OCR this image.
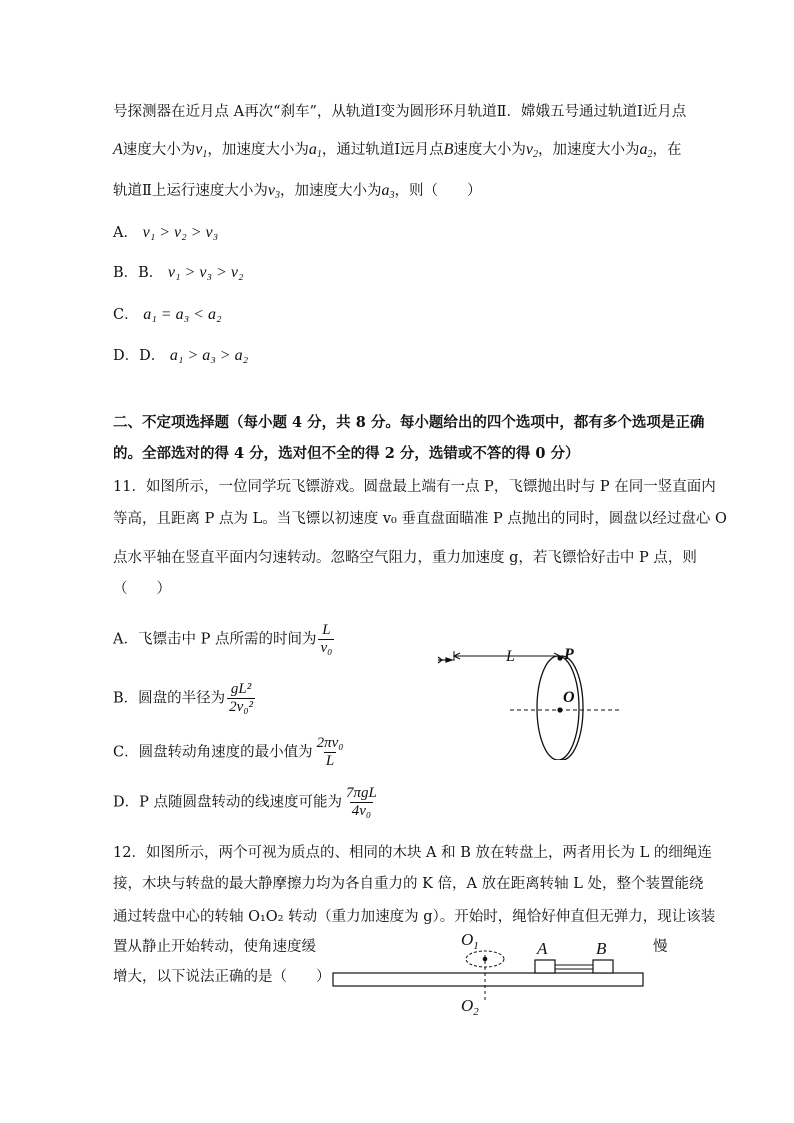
号探测器在近月点 A再次“刹车”，从轨道Ⅰ变为圆形环月轨道Ⅱ．嫦娥五号通过轨道Ⅰ近月点
A速度大小为$v_1$，加速度大小为$a_1$，通过轨道Ⅰ远月点B速度大小为$v_2$，加速度大小为$a_2$，在
轨道Ⅱ上运行速度大小为$v_3$，加速度大小为$a_3$，则（　　）
A． v₁ > v₂ > v₃
B．B． v₁ > v₃ > v₂
C． a₁ = a₃ < a₂
D．D． a₁ > a₃ > a₂
二、不定项选择题（每小题 4 分，共 8 分。每小题给出的四个选项中，都有多个选项是正确
的。全部选对的得 4 分，选对但不全的得 2 分，选错或不答的得 0 分）
11．如图所示，一位同学玩飞镖游戏。圆盘最上端有一点 P，飞镖抛出时与 P 在同一竖直面内
等高，且距离 P 点为 L。当飞镖以初速度 v₀ 垂直盘面瞄准 P 点抛出的同时，圆盘以经过盘心 O
点水平轴在竖直平面内匀速转动。忽略空气阻力，重力加速度 g，若飞镖恰好击中 P 点，则
（　　）
A．飞镖击中 P 点所需的时间为 $\frac{L}{\text{v₀}}$
B．圆盘的半径为 $\frac{\text{gL²}}{\text{2v₀²}}$
C．圆盘转动角速度的最小值为 $\frac{\text{2πv₀}}{L}$
D．P 点随圆盘转动的线速度可能为 $\frac{\text{7πgL}}{\text{4v₀}}$
L	P
O
12．如图所示，两个可视为质点的、相同的木块 A 和 B 放在转盘上，两者用长为 L 的细绳连
接，木块与转盘的最大静摩擦力均为各自重力的 K 倍，A 放在距离转轴 L 处，整个装置能绕
通过转盘中心的转轴 O₁O₂ 转动（重力加速度为 g）。开始时，绳恰好伸直但无弹力，现让该装
置从静止开始转动，使角速度缓	慢
增大，以下说法正确的是（　　）
$O_1$
$O_2$
A	B
